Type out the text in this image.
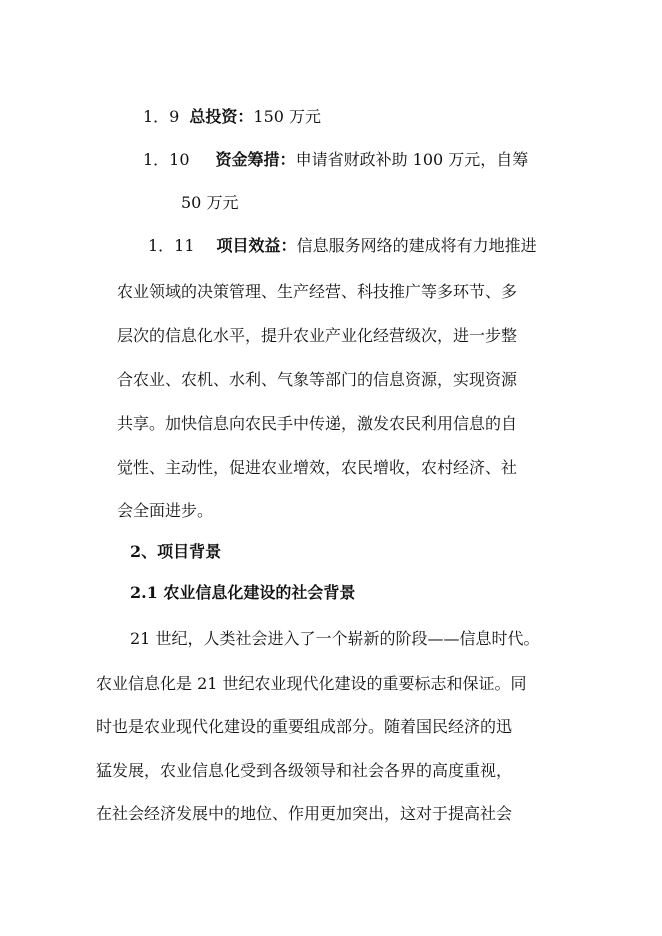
1．9 总投资：150 万元
1．10 资金筹措：申请省财政补助 100 万元，自筹
50 万元
1．11 项目效益：信息服务网络的建成将有力地推进
农业领域的决策管理、生产经营、科技推广等多环节、多
层次的信息化水平，提升农业产业化经营级次，进一步整
合农业、农机、水利、气象等部门的信息资源，实现资源
共享。加快信息向农民手中传递，激发农民利用信息的自
觉性、主动性，促进农业增效，农民增收，农村经济、社
会全面进步。
2、项目背景
2.1 农业信息化建设的社会背景
21 世纪，人类社会进入了一个崭新的阶段——信息时代。
农业信息化是 21 世纪农业现代化建设的重要标志和保证。同
时也是农业现代化建设的重要组成部分。随着国民经济的迅
猛发展，农业信息化受到各级领导和社会各界的高度重视，
在社会经济发展中的地位、作用更加突出，这对于提高社会
